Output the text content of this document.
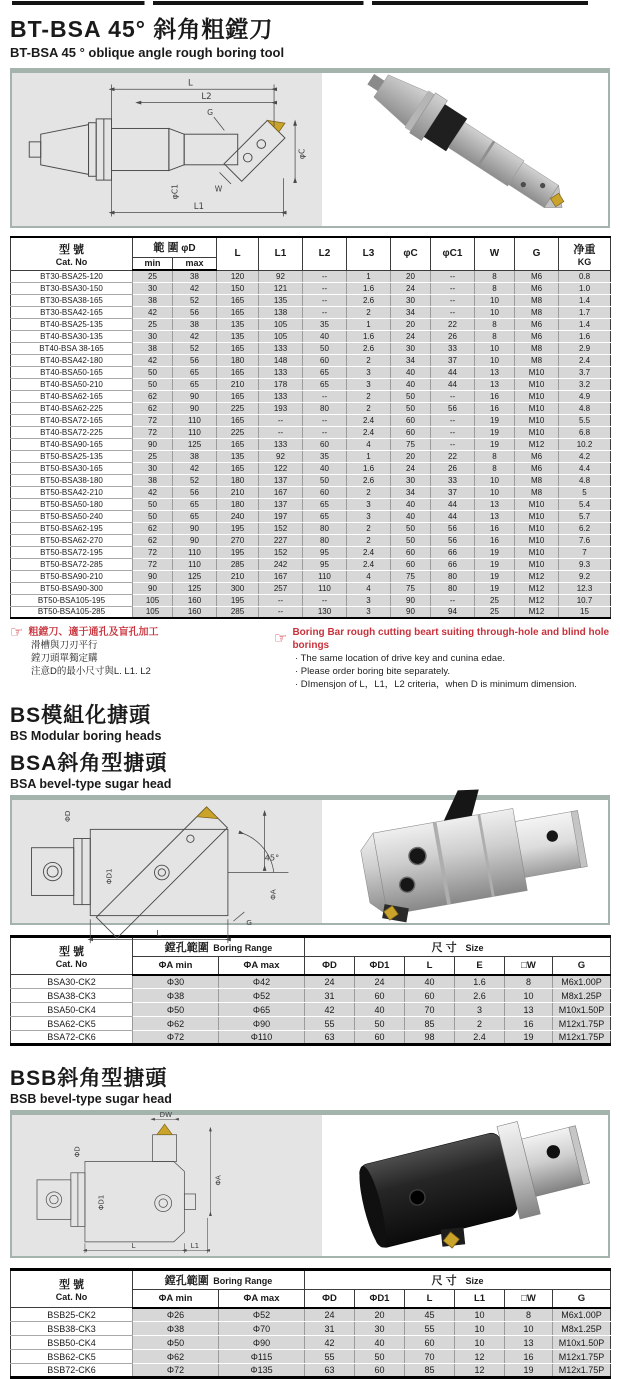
BT-BSA 45° 斜角粗鏜刀
BT-BSA 45 ° oblique angle rough boring tool
L
L2
G
φC1
φC
W
L1
型 號
Cat. No
	範 圍 φD	L	L1	L2	L3	φC	φC1	W	G	净重
KG

	min	max									
BT30-BSA25-120	25	38	120	92	--	1	20	--	8	M6	0.8
BT30-BSA30-150	30	42	150	121	--	1.6	24	--	8	M6	1.0
BT30-BSA38-165	38	52	165	135	--	2.6	30	--	10	M8	1.4
BT30-BSA42-165	42	56	165	138	--	2	34	--	10	M8	1.7
BT40-BSA25-135	25	38	135	105	35	1	20	22	8	M6	1.4
BT40-BSA30-135	30	42	135	105	40	1.6	24	26	8	M6	1.6
BT40-BSA 38-165	38	52	165	133	50	2.6	30	33	10	M8	2.9
BT40-BSA42-180	42	56	180	148	60	2	34	37	10	M8	2.4
BT40-BSA50-165	50	65	165	133	65	3	40	44	13	M10	3.7
BT40-BSA50-210	50	65	210	178	65	3	40	44	13	M10	3.2
BT40-BSA62-165	62	90	165	133	--	2	50	--	16	M10	4.9
BT40-BSA62-225	62	90	225	193	80	2	50	56	16	M10	4.8
BT40-BSA72-165	72	110	165	--	--	2.4	60	--	19	M10	5.5
BT40-BSA72-225	72	110	225	--	--	2.4	60	--	19	M10	6.8
BT40-BSA90-165	90	125	165	133	60	4	75	--	19	M12	10.2
BT50-BSA25-135	25	38	135	92	35	1	20	22	8	M6	4.2
BT50-BSA30-165	30	42	165	122	40	1.6	24	26	8	M6	4.4
BT50-BSA38-180	38	52	180	137	50	2.6	30	33	10	M8	4.8
BT50-BSA42-210	42	56	210	167	60	2	34	37	10	M8	5
BT50-BSA50-180	50	65	180	137	65	3	40	44	13	M10	5.4
BT50-BSA50-240	50	65	240	197	65	3	40	44	13	M10	5.7
BT50-BSA62-195	62	90	195	152	80	2	50	56	16	M10	6.2
BT50-BSA62-270	62	90	270	227	80	2	50	56	16	M10	7.6
BT50-BSA72-195	72	110	195	152	95	2.4	60	66	19	M10	7
BT50-BSA72-285	72	110	285	242	95	2.4	60	66	19	M10	9.3
BT50-BSA90-210	90	125	210	167	110	4	75	80	19	M12	9.2
BT50-BSA90-300	90	125	300	257	110	4	75	80	19	M12	12.3
BT50-BSA105-195	105	160	195	--	--	3	90	--	25	M12	10.7
BT50-BSA105-285	105	160	285	--	130	3	90	94	25	M12	15
☞ 粗鏜刀、適于通孔及盲孔加工
滑槽與刀刃平行
鏜刀頭單獨定購
注意D的最小尺寸與L. L1. L2
☞ Boring Bar rough cutting beart suiting through-hole and blind hole borings
· The same location of drive key and cunina edae.
· Please order boring bite separately.
· DImensjon of L，L1，L2 criteria，when D is minimum dimension.
BS模組化搪頭
BS Modular boring heads
BSA斜角型搪頭
BSA bevel-type sugar head
45°
ΦD
ΦD1
ΦA
G
L
型 號
Cat. No	鏜孔範圍 Boring Range		尺 寸 Size					
	ΦA min	ΦA max	ΦD	ΦD1	L	E	□W	G
BSA30-CK2	Φ30	Φ42	24	24	40	1.6	8	M6x1.00P
BSA38-CK3	Φ38	Φ52	31	60	60	2.6	10	M8x1.25P
BSA50-CK4	Φ50	Φ65	42	40	70	3	13	M10x1.50P
BSA62-CK5	Φ62	Φ90	55	50	85	2	16	M12x1.75P
BSA72-CK6	Φ72	Φ110	63	60	98	2.4	19	M12x1.75P
BSB斜角型搪頭
BSB bevel-type sugar head
DW
ΦD
ΦD1
ΦA
L	L1
型 號
Cat. No	鏜孔範圍 Boring Range		尺 寸 Size					
	ΦA min	ΦA max	ΦD	ΦD1	L	L1	□W	G
BSB25-CK2	Φ26	Φ52	24	20	45	10	8	M6x1.00P
BSB38-CK3	Φ38	Φ70	31	30	55	10	10	M8x1.25P
BSB50-CK4	Φ50	Φ90	42	40	60	10	13	M10x1.50P
BSB62-CK5	Φ62	Φ115	55	50	70	12	16	M12x1.75P
BSB72-CK6	Φ72	Φ135	63	60	85	12	19	M12x1.75P
